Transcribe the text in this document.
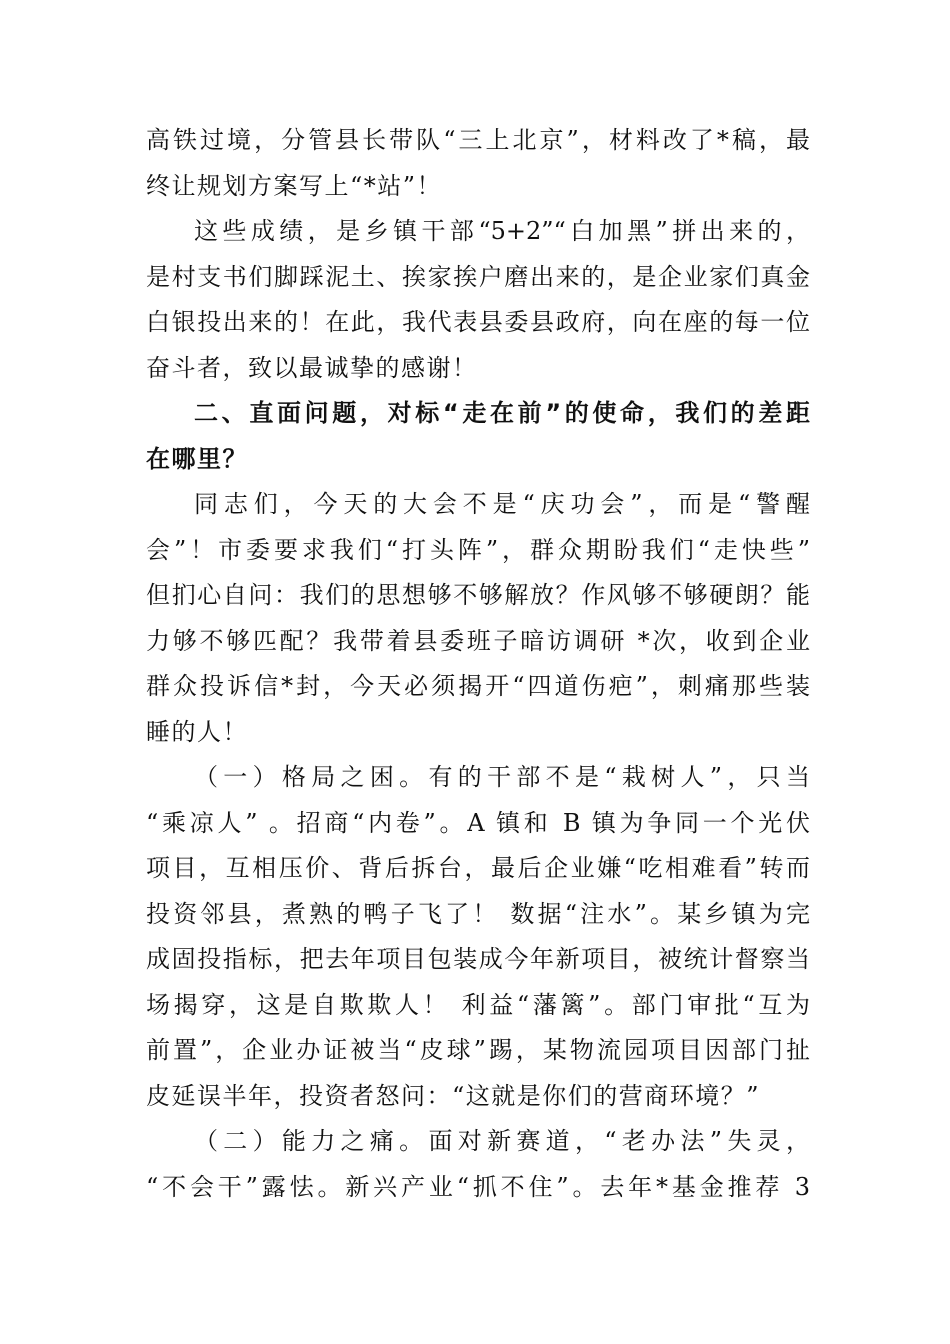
高铁过境，分管县长带队“三上北京”，材料改了*稿，最
终让规划方案写上“*站”！
这些成绩，是乡镇干部“5+2”“白加黑”拼出来的，
是村支书们脚踩泥土、挨家挨户磨出来的，是企业家们真金
白银投出来的！在此，我代表县委县政府，向在座的每一位
奋斗者，致以最诚挚的感谢！
二、直面问题，对标“走在前”的使命，我们的差距
在哪里？
同志们，今天的大会不是“庆功会”，而是“警醒
会”！市委要求我们“打头阵”，群众期盼我们“走快些”
但扪心自问：我们的思想够不够解放？作风够不够硬朗？能
力够不够匹配？我带着县委班子暗访调研 *次，收到企业
群众投诉信*封，今天必须揭开“四道伤疤”，刺痛那些装
睡的人！
（一）格局之困。有的干部不是“栽树人”，只当
“乘凉人” 。招商“内卷”。A 镇和 B 镇为争同一个光伏
项目，互相压价、背后拆台，最后企业嫌“吃相难看”转而
投资邻县，煮熟的鸭子飞了！ 数据“注水”。某乡镇为完
成固投指标，把去年项目包装成今年新项目，被统计督察当
场揭穿，这是自欺欺人！ 利益“藩篱”。部门审批“互为
前置”，企业办证被当“皮球”踢，某物流园项目因部门扯
皮延误半年，投资者怒问：“这就是你们的营商环境？”
（二）能力之痛。面对新赛道，“老办法”失灵，
“不会干”露怯。新兴产业“抓不住”。去年*基金推荐 3
